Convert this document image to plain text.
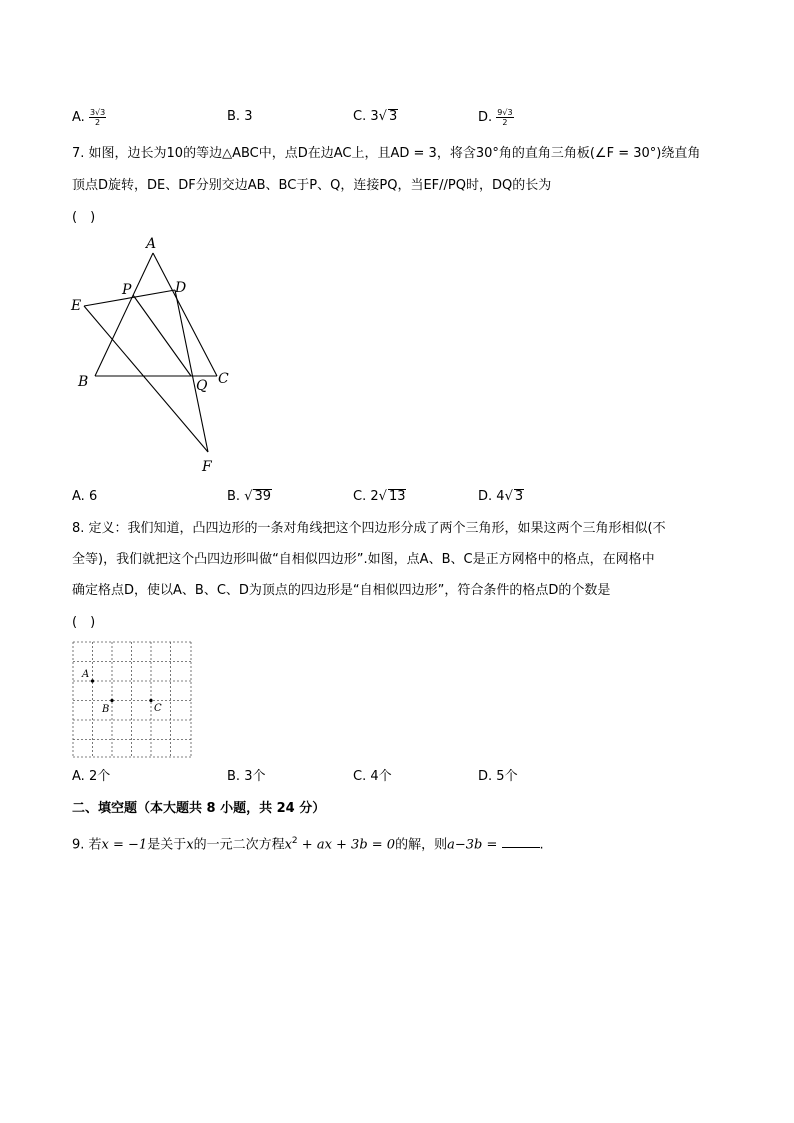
A. $\frac{3√3}{2}$	B. 3	C. 3√ 3	D. $\frac{9√3}{2}$
7. 如图，边长为10的等边△ABC中，点D在边AC上，且AD = 3，将含30°角的直角三角板(∠F = 30°)绕直角
顶点D旋转，DE、DF分别交边AB、BC于P、Q，连接PQ，当EF//PQ时，DQ的长为
(　)
A
P	D
E
B	Q C
F
A. 6	B. √ 39	C. 2√ 13	D. 4√ 3
8. 定义：我们知道，凸四边形的一条对角线把这个四边形分成了两个三角形，如果这两个三角形相似(不
全等)，我们就把这个凸四边形叫做“自相似四边形”.如图，点A、B、C是正方网格中的格点，在网格中
确定格点D，使以A、B、C、D为顶点的四边形是“自相似四边形”，符合条件的格点D的个数是
(　)
A
B	C
A. 2个	B. 3个	C. 4个	D. 5个
二、填空题（本大题共 8 小题，共 24 分）
9. 若x = −1是关于x的一元二次方程$x^2$ + ax + 3b = 0的解，则a−3b =	.
